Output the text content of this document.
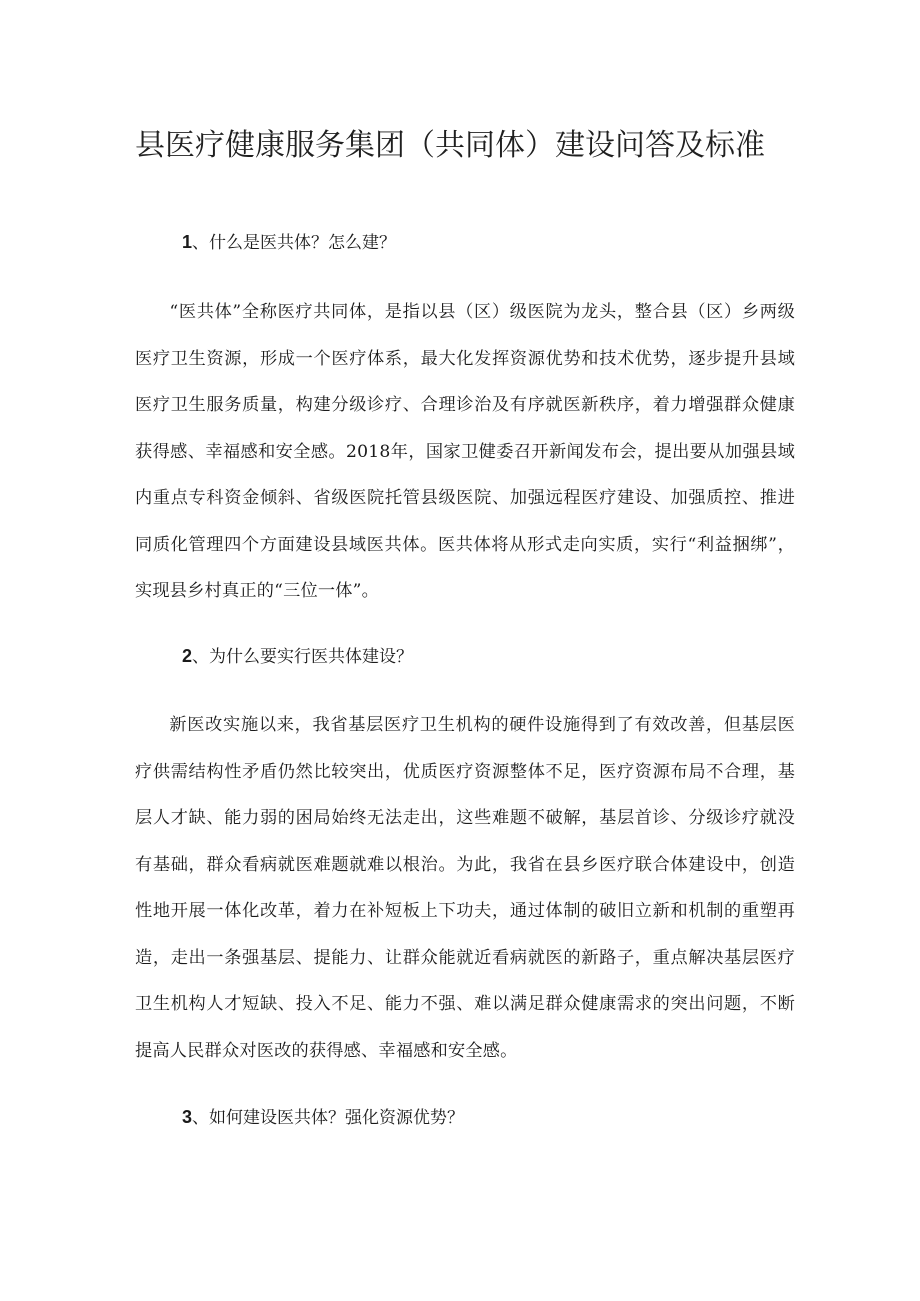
县医疗健康服务集团（共同体）建设问答及标准

1、什么是医共体？怎么建？

“医共体”全称医疗共同体，是指以县（区）级医院为龙头，整合县（区）乡两级医疗卫生资源，形成一个医疗体系，最大化发挥资源优势和技术优势，逐步提升县域医疗卫生服务质量，构建分级诊疗、合理诊治及有序就医新秩序，着力增强群众健康获得感、幸福感和安全感。2018年，国家卫健委召开新闻发布会，提出要从加强县域内重点专科资金倾斜、省级医院托管县级医院、加强远程医疗建设、加强质控、推进同质化管理四个方面建设县域医共体。医共体将从形式走向实质，实行“利益捆绑”，实现县乡村真正的“三位一体”。

2、为什么要实行医共体建设？

新医改实施以来，我省基层医疗卫生机构的硬件设施得到了有效改善，但基层医疗供需结构性矛盾仍然比较突出，优质医疗资源整体不足，医疗资源布局不合理，基层人才缺、能力弱的困局始终无法走出，这些难题不破解，基层首诊、分级诊疗就没有基础，群众看病就医难题就难以根治。为此，我省在县乡医疗联合体建设中，创造性地开展一体化改革，着力在补短板上下功夫，通过体制的破旧立新和机制的重塑再造，走出一条强基层、提能力、让群众能就近看病就医的新路子，重点解决基层医疗卫生机构人才短缺、投入不足、能力不强、难以满足群众健康需求的突出问题，不断提高人民群众对医改的获得感、幸福感和安全感。

3、如何建设医共体？强化资源优势？
